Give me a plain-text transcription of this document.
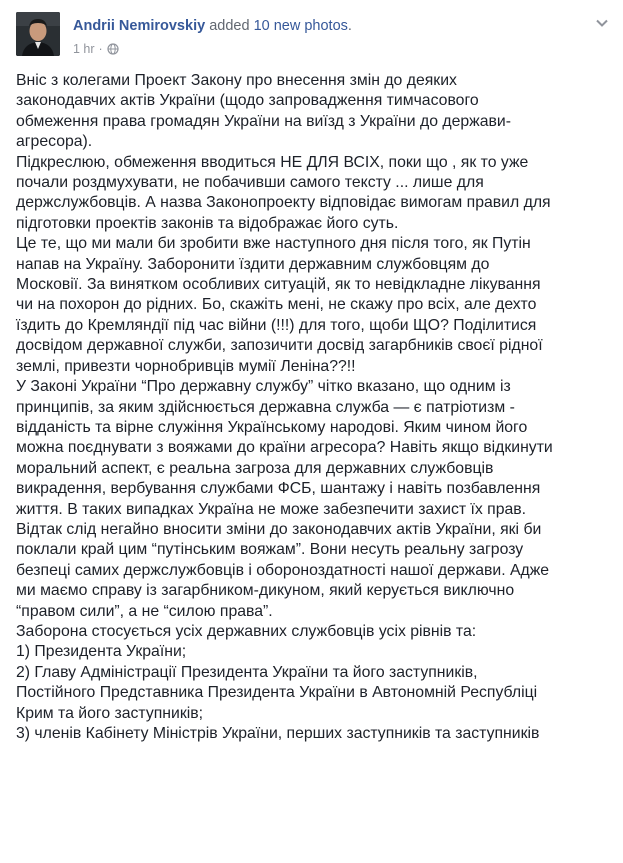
Andrii Nemirovskiy added 10 new photos.
1 hr ·

Вніс з колегами Проект Закону про внесення змін до деяких

законодавчих актів України (щодо запровадження тимчасового

обмеження права громадян України на виїзд з України до держави-

агресора).

Підкреслюю, обмеження вводиться НЕ ДЛЯ ВСІХ, поки що , як то уже

почали роздмухувати, не побачивши самого тексту ... лише для

держслужбовців. А назва Законопроекту відповідає вимогам правил для

підготовки проектів законів та відображає його суть.

Це те, що ми мали би зробити вже наступного дня після того, як Путін

напав на Україну. Заборонити їздити державним службовцям до

Московії. За винятком особливих ситуацій, як то невідкладне лікування

чи на похорон до рідних. Бо, скажіть мені, не скажу про всіх, але дехто

їздить до Кремляндії під час війни (!!!) для того, щоби ЩО? Поділитися

досвідом державної служби, запозичити досвід загарбників своєї рідної

землі, привезти чорнобривців мумії Леніна??!!

У Законі України “Про державну службу” чітко вказано, що одним із

принципів, за яким здійснюється державна служба — є патріотизм -

відданість та вірне служіння Українському народові. Яким чином його

можна поєднувати з вояжами до країни агресора? Навіть якщо відкинути

моральний аспект, є реальна загроза для державних службовців

викрадення, вербування службами ФСБ, шантажу і навіть позбавлення

життя. В таких випадках Україна не може забезпечити захист їх прав.

Відтак слід негайно вносити зміни до законодавчих актів України, які би

поклали край цим “путінським вояжам”. Вони несуть реальну загрозу

безпеці самих держслужбовців і обороноздатності нашої держави. Адже

ми маємо справу із загарбником-дикуном, який керується виключно

“правом сили”, а не “силою права”.

Заборона стосується усіх державних службовців усіх рівнів та:

1) Президента України;

2) Главу Адміністрації Президента України та його заступників,

Постійного Представника Президента України в Автономній Республіці

Крим та його заступників;

3) членів Кабінету Міністрів України, перших заступників та заступників
